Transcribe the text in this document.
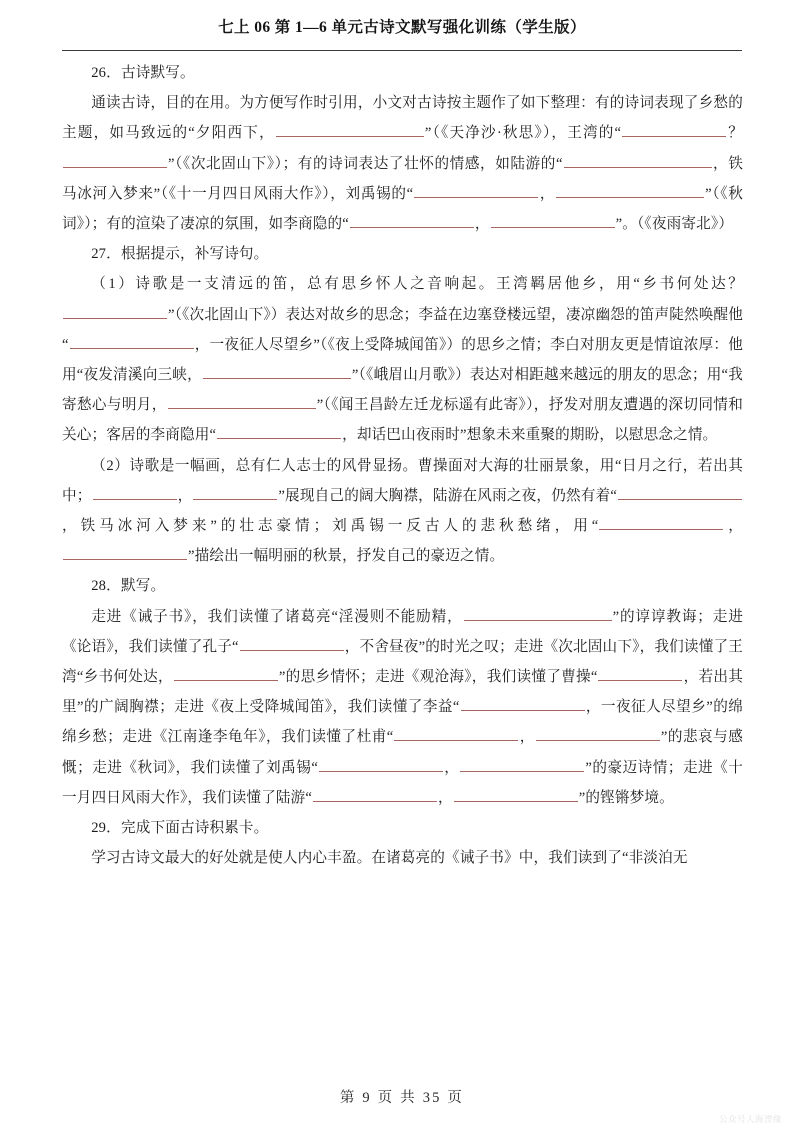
七上 06 第 1—6 单元古诗文默写强化训练（学生版）

26．古诗默写。

通读古诗，目的在用。为方便写作时引用，小文对古诗按主题作了如下整理：有的诗词表现了乡愁的主题，如马致远的“夕阳西下，	”（《天净沙·秋思》），王湾的“	？”（《次北固山下》）；有的诗词表达了壮怀的情感，如陆游的“	，铁马冰河入梦来”（《十一月四日风雨大作》），刘禹锡的“	，	”（《秋词》）；有的渲染了凄凉的氛围，如李商隐的“	，	”。（《夜雨寄北》）

27．根据提示，补写诗句。

（1）诗歌是一支清远的笛，总有思乡怀人之音响起。王湾羁居他乡，用“乡书何处达？”（《次北固山下》）表达对故乡的思念；李益在边塞登楼远望，凄凉幽怨的笛声陡然唤醒他“	，一夜征人尽望乡”（《夜上受降城闻笛》）的思乡之情；李白对朋友更是情谊浓厚：他用“夜发清溪向三峡，	”（《峨眉山月歌》）表达对相距越来越远的朋友的思念；用“我寄愁心与明月，	”（《闻王昌龄左迁龙标遥有此寄》），抒发对朋友遭遇的深切同情和关心；客居的李商隐用“	，却话巴山夜雨时”想象未来重聚的期盼，以慰思念之情。

（2）诗歌是一幅画，总有仁人志士的风骨显扬。曹操面对大海的壮丽景象，用“日月之行，若出其中；	，	”展现自己的阔大胸襟，陆游在风雨之夜，仍然有着“，铁马冰河入梦来”的壮志豪情；刘禹锡一反古人的悲秋愁绪，用“	，”描绘出一幅明丽的秋景，抒发自己的豪迈之情。

28．默写。

走进《诫子书》，我们读懂了诸葛亮“淫漫则不能励精，	”的谆谆教诲；走进《论语》，我们读懂了孔子“	，不舍昼夜”的时光之叹；走进《次北固山下》，我们读懂了王湾“乡书何处达，	”的思乡情怀；走进《观沧海》，我们读懂了曹操“	，若出其里”的广阔胸襟；走进《夜上受降城闻笛》，我们读懂了李益“	，一夜征人尽望乡”的绵绵乡愁；走进《江南逢李龟年》，我们读懂了杜甫“	，	”的悲哀与感慨；走进《秋词》，我们读懂了刘禹锡“	，	”的豪迈诗情；走进《十一月四日风雨大作》，我们读懂了陆游“	，	”的铿锵梦境。

29．完成下面古诗积累卡。

学习古诗文最大的好处就是使人内心丰盈。在诸葛亮的《诫子书》中，我们读到了“非淡泊无

第 9 页 共 35 页
公众号人海湮缘
